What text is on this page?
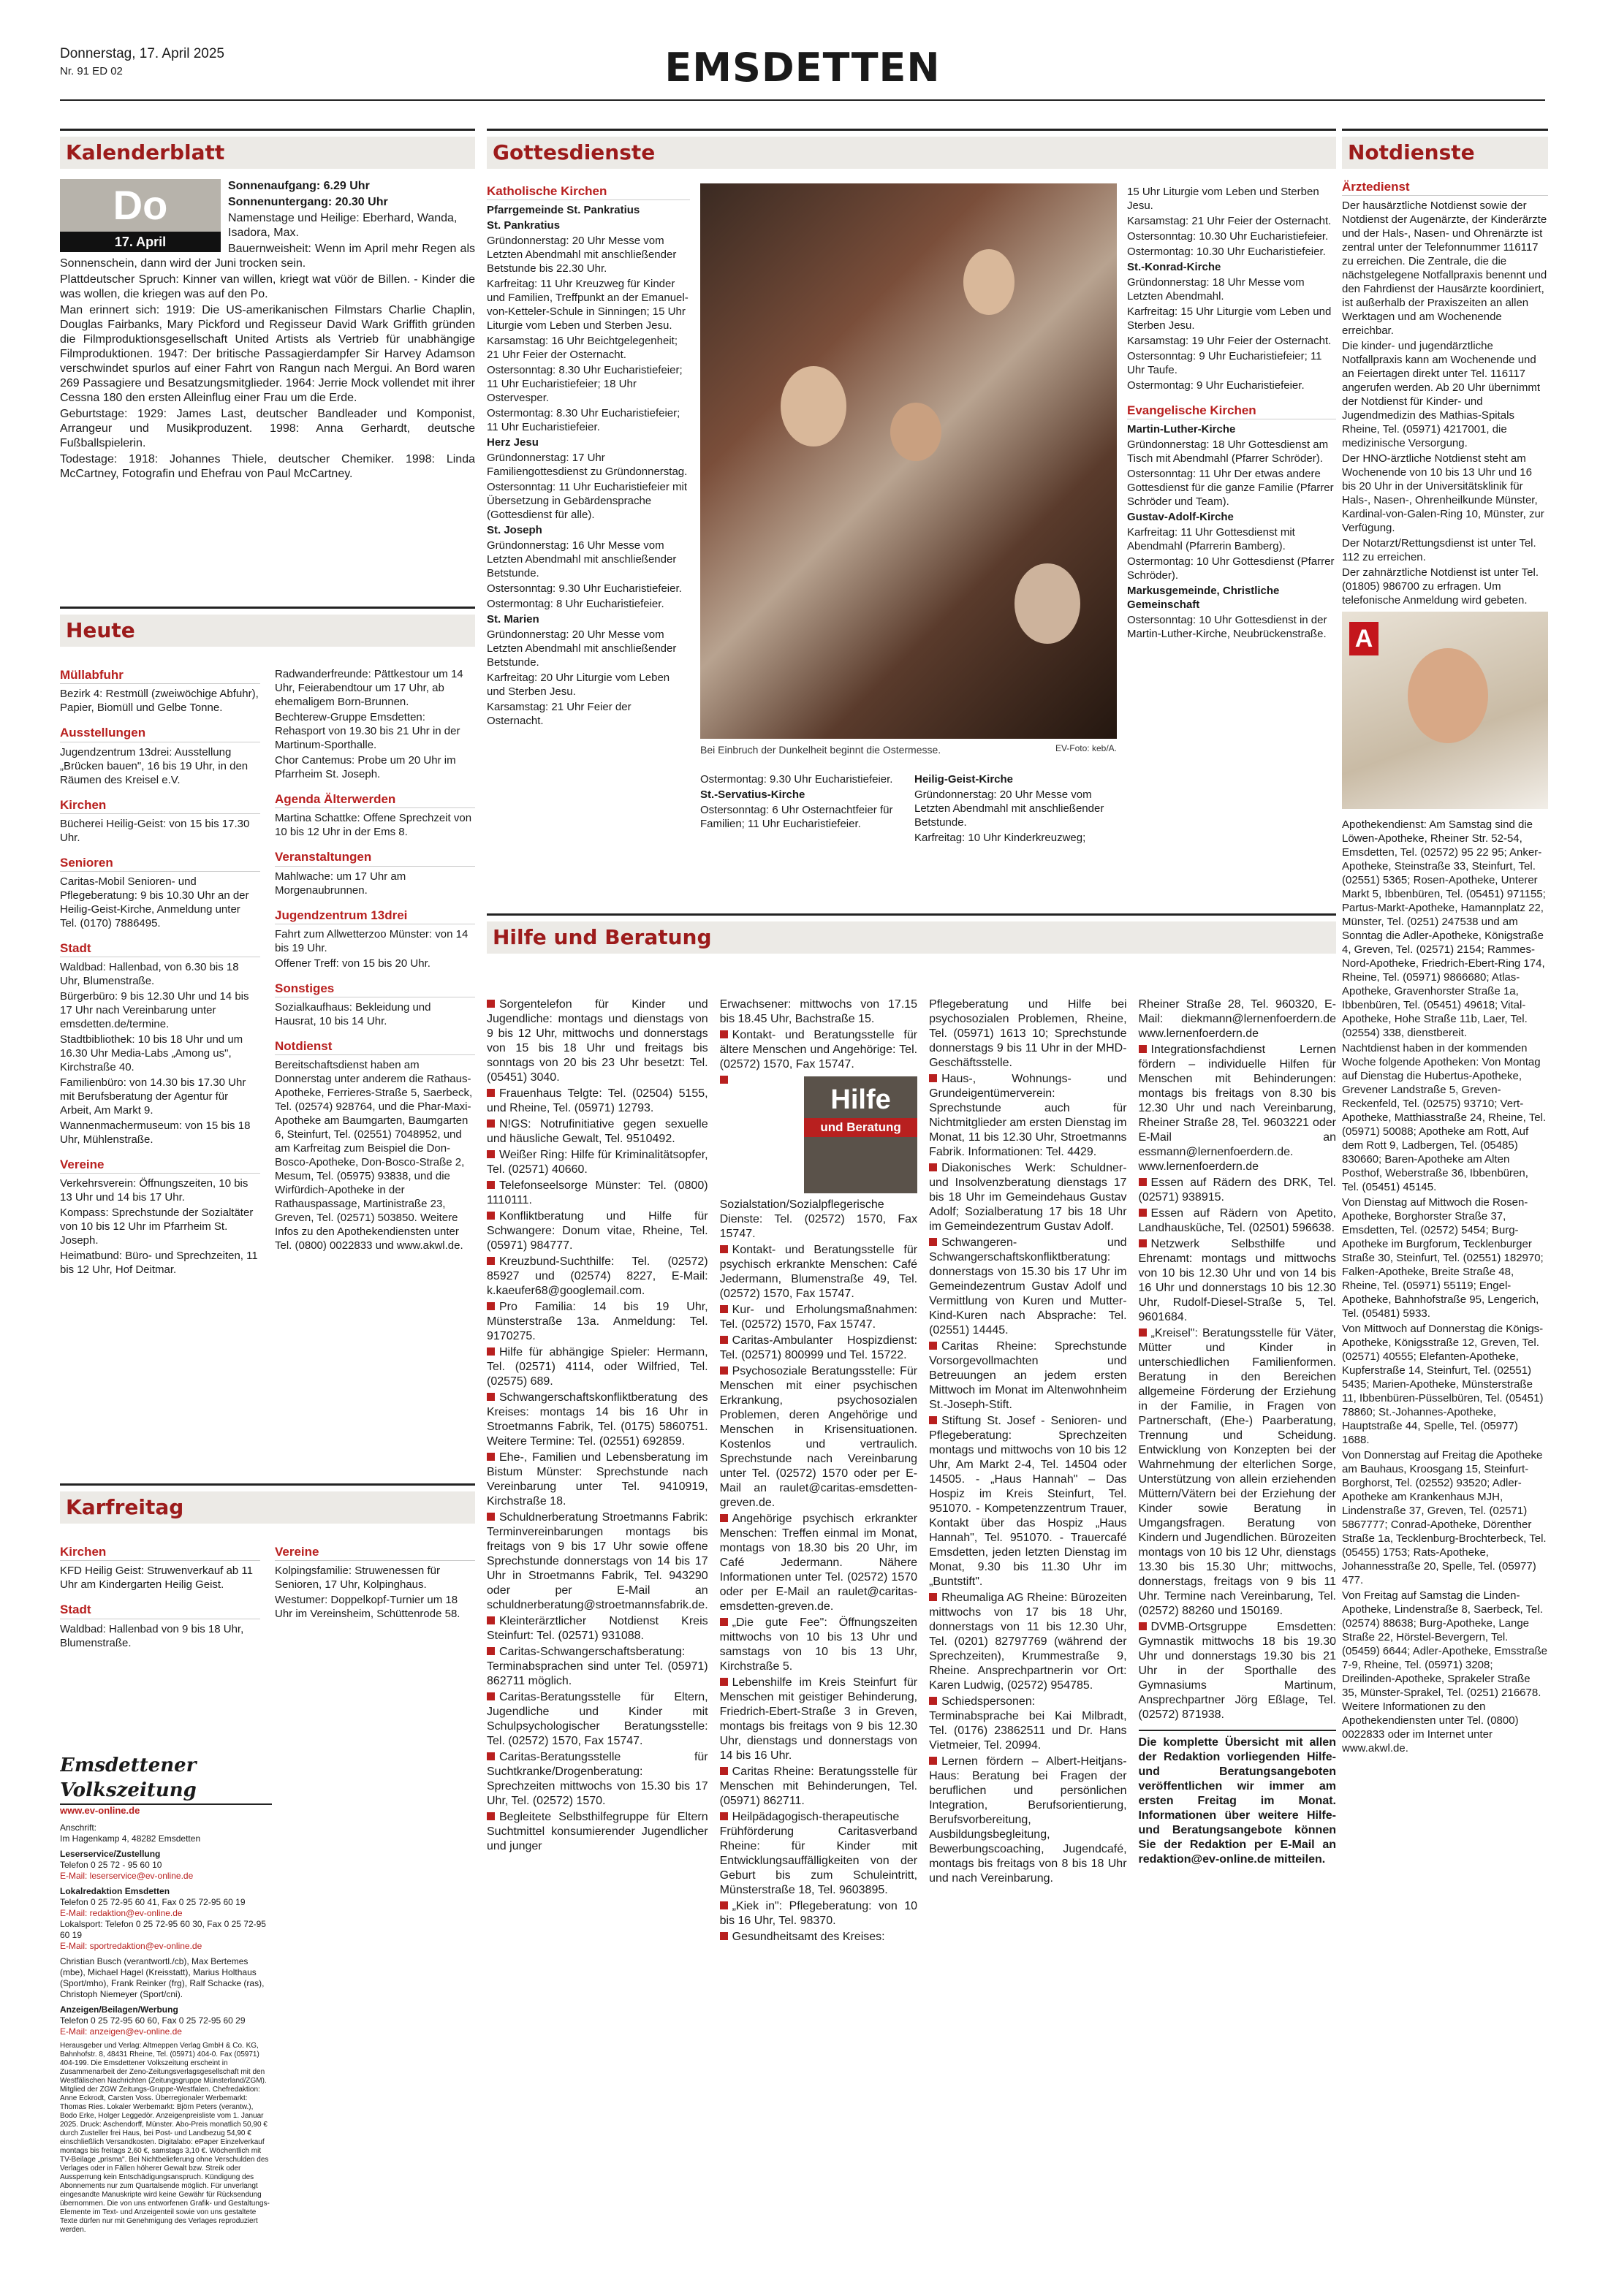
Donnerstag, 17. April 2025
Nr. 91 ED 02	EMSDETTEN
Kalenderblatt
Do
17. April

Sonnenaufgang: 6.29 Uhr

Sonnenuntergang: 20.30 Uhr

Namenstage und Heilige: Eberhard, Wanda, Isadora, Max.

Bauernweisheit: Wenn im April mehr Regen als Sonnenschein, dann wird der Juni trocken sein.

Plattdeutscher Spruch: Kinner van willen, kriegt wat vüör de Billen. - Kinder die was wollen, die kriegen was auf den Po.

Man erinnert sich: 1919: Die US-amerikanischen Filmstars Charlie Chaplin, Douglas Fairbanks, Mary Pickford und Regisseur David Wark Griffith gründen die Filmproduktionsgesellschaft United Artists als Vertrieb für unabhängige Filmproduktionen. 1947: Der britische Passagierdampfer Sir Harvey Adamson verschwindet spurlos auf einer Fahrt von Rangun nach Mergui. An Bord waren 269 Passagiere und Besatzungsmitglieder. 1964: Jerrie Mock vollendet mit ihrer Cessna 180 den ersten Alleinflug einer Frau um die Erde.

Geburtstage: 1929: James Last, deutscher Bandleader und Komponist, Arrangeur und Musikproduzent. 1998: Anna Gerhardt, deutsche Fußballspielerin.

Todestage: 1918: Johannes Thiele, deutscher Chemiker. 1998: Linda McCartney, Fotografin und Ehefrau von Paul McCartney.

Heute
Müllabfuhr

Bezirk 4: Restmüll (zweiwöchige Abfuhr), Papier, Biomüll und Gelbe Tonne.

Ausstellungen

Jugendzentrum 13drei: Ausstellung „Brücken bauen", 16 bis 19 Uhr, in den Räumen des Kreisel e.V.

Kirchen

Bücherei Heilig-Geist: von 15 bis 17.30 Uhr.

Senioren

Caritas-Mobil Senioren- und Pflegeberatung: 9 bis 10.30 Uhr an der Heilig-Geist-Kirche, Anmeldung unter Tel. (0170) 7886495.

Stadt

Waldbad: Hallenbad, von 6.30 bis 18 Uhr, Blumenstraße.

Bürgerbüro: 9 bis 12.30 Uhr und 14 bis 17 Uhr nach Vereinbarung unter emsdetten.de/termine.

Stadtbibliothek: 10 bis 18 Uhr und um 16.30 Uhr Media-Labs „Among us", Kirchstraße 40.

Familienbüro: von 14.30 bis 17.30 Uhr mit Berufsberatung der Agentur für Arbeit, Am Markt 9.

Wannenmachermuseum: von 15 bis 18 Uhr, Mühlenstraße.

Vereine

Verkehrsverein: Öffnungszeiten, 10 bis 13 Uhr und 14 bis 17 Uhr.

Kompass: Sprechstunde der Sozialtäter von 10 bis 12 Uhr im Pfarrheim St. Joseph.

Heimatbund: Büro- und Sprechzeiten, 11 bis 12 Uhr, Hof Deitmar.

Radwanderfreunde: Pättkestour um 14 Uhr, Feierabendtour um 17 Uhr, ab ehemaligem Born-Brunnen.

Bechterew-Gruppe Emsdetten: Rehasport von 19.30 bis 21 Uhr in der Martinum-Sporthalle.

Chor Cantemus: Probe um 20 Uhr im Pfarrheim St. Joseph.

Agenda Älterwerden

Martina Schattke: Offene Sprechzeit von 10 bis 12 Uhr in der Ems 8.

Veranstaltungen

Mahlwache: um 17 Uhr am Morgenaubrunnen.

Jugendzentrum 13drei

Fahrt zum Allwetterzoo Münster: von 14 bis 19 Uhr.

Offener Treff: von 15 bis 20 Uhr.

Sonstiges

Sozialkaufhaus: Bekleidung und Hausrat, 10 bis 14 Uhr.

Notdienst

Bereitschaftsdienst haben am Donnerstag unter anderem die Rathaus-Apotheke, Ferrieres-Straße 5, Saerbeck, Tel. (02574) 928764, und die Phar-Maxi-Apotheke am Baumgarten, Baumgarten 6, Steinfurt, Tel. (02551) 7048952, und am Karfreitag zum Beispiel die Don-Bosco-Apotheke, Don-Bosco-Straße 2, Mesum, Tel. (05975) 93838, und die Wirfürdich-Apotheke in der Rathauspassage, Martinistraße 23, Greven, Tel. (02571) 503850. Weitere Infos zu den Apothekendiensten unter Tel. (0800) 0022833 und www.akwl.de.

Karfreitag
Kirchen

KFD Heilig Geist: Struwenverkauf ab 11 Uhr am Kindergarten Heilig Geist.

Stadt

Waldbad: Hallenbad von 9 bis 18 Uhr, Blumenstraße.

Vereine

Kolpingsfamilie: Struwenessen für Senioren, 17 Uhr, Kolpinghaus.

Westumer: Doppelkopf-Turnier um 18 Uhr im Vereinsheim, Schüttenrode 58.

Emsdettener Volkszeitung
www.ev-online.de
Anschrift:
Im Hagenkamp 4, 48282 Emsdetten
Leserservice/Zustellung
Telefon 0 25 72 - 95 60 10
E-Mail: leserservice@ev-online.de
Lokalredaktion Emsdetten
Telefon 0 25 72-95 60 41, Fax 0 25 72-95 60 19
E-Mail: redaktion@ev-online.de
Lokalsport: Telefon 0 25 72-95 60 30, Fax 0 25 72-95 60 19
E-Mail: sportredaktion@ev-online.de
Christian Busch (verantwortl./cb), Max Bertemes (mbe), Michael Hagel (Kreisstatt), Marius Holthaus (Sport/mho), Frank Reinker (frg), Ralf Schacke (ras), Christoph Niemeyer (Sport/cni).
Anzeigen/Beilagen/Werbung
Telefon 0 25 72-95 60 60, Fax 0 25 72-95 60 29
E-Mail: anzeigen@ev-online.de
Herausgeber und Verlag: Altmeppen Verlag GmbH & Co. KG, Bahnhofstr. 8, 48431 Rheine, Tel. (05971) 404-0. Fax (05971) 404-199. Die Emsdettener Volkszeitung erscheint in Zusammenarbeit der Zeno-Zeitungsverlagsgesellschaft mit den Westfälischen Nachrichten (Zeitungsgruppe Münsterland/ZGM). Mitglied der ZGW Zeitungs-Gruppe-Westfalen. Chefredaktion: Anne Eckrodt, Carsten Voss. Überregionaler Werbemarkt: Thomas Ries. Lokaler Werbemarkt: Björn Peters (verantw.), Bodo Erke, Holger Leggedör. Anzeigenpreisliste vom 1. Januar 2025. Druck: Aschendorff, Münster. Abo-Preis monatlich 50,90 € durch Zusteller frei Haus, bei Post- und Landbezug 54,90 € einschließlich Versandkosten. Digitalabo: ePaper Einzelverkauf montags bis freitags 2,60 €, samstags 3,10 €. Wöchentlich mit TV-Beilage „prisma". Bei Nichtbelieferung ohne Verschulden des Verlages oder in Fällen höherer Gewalt bzw. Streik oder Aussperrung kein Entschädigungsanspruch. Kündigung des Abonnements nur zum Quartalsende möglich. Für unverlangt eingesandte Manuskripte wird keine Gewähr für Rücksendung übernommen. Die von uns entworfenen Grafik- und Gestaltungs-Elemente im Text- und Anzeigenteil sowie von uns gestaltete Texte dürfen nur mit Genehmigung des Verlages reproduziert werden.
Gottesdienste
Katholische Kirchen

Pfarrgemeinde St. Pankratius

St. Pankratius

Gründonnerstag: 20 Uhr Messe vom Letzten Abendmahl mit anschließender Betstunde bis 22.30 Uhr.

Karfreitag: 11 Uhr Kreuzweg für Kinder und Familien, Treffpunkt an der Emanuel-von-Ketteler-Schule in Sinningen; 15 Uhr Liturgie vom Leben und Sterben Jesu.

Karsamstag: 16 Uhr Beichtgelegenheit; 21 Uhr Feier der Osternacht.

Ostersonntag: 8.30 Uhr Eucharistiefeier; 11 Uhr Eucharistiefeier; 18 Uhr Ostervesper.

Ostermontag: 8.30 Uhr Eucharistiefeier; 11 Uhr Eucharistiefeier.

Herz Jesu

Gründonnerstag: 17 Uhr Familiengottesdienst zu Gründonnerstag.

Ostersonntag: 11 Uhr Eucharistiefeier mit Übersetzung in Gebärdensprache (Gottesdienst für alle).

St. Joseph

Gründonnerstag: 16 Uhr Messe vom Letzten Abendmahl mit anschließender Betstunde.

Ostersonntag: 9.30 Uhr Eucharistiefeier.

Ostermontag: 8 Uhr Eucharistiefeier.

St. Marien

Gründonnerstag: 20 Uhr Messe vom Letzten Abendmahl mit anschließender Betstunde.

Karfreitag: 20 Uhr Liturgie vom Leben und Sterben Jesu.

Karsamstag: 21 Uhr Feier der Osternacht.

Bei Einbruch der Dunkelheit beginnt die Ostermesse.	EV-Foto: keb/A.

Ostermontag: 9.30 Uhr Eucharistiefeier.

St.-Servatius-Kirche

Ostersonntag: 6 Uhr Osternachtfeier für Familien; 11 Uhr Eucharistiefeier.

Heilig-Geist-Kirche

Gründonnerstag: 20 Uhr Messe vom Letzten Abendmahl mit anschließender Betstunde.

Karfreitag: 10 Uhr Kinderkreuzweg;

15 Uhr Liturgie vom Leben und Sterben Jesu.

Karsamstag: 21 Uhr Feier der Osternacht.

Ostersonntag: 10.30 Uhr Eucharistiefeier.

Ostermontag: 10.30 Uhr Eucharistiefeier.

St.-Konrad-Kirche

Gründonnerstag: 18 Uhr Messe vom Letzten Abendmahl.

Karfreitag: 15 Uhr Liturgie vom Leben und Sterben Jesu.

Karsamstag: 19 Uhr Feier der Osternacht.

Ostersonntag: 9 Uhr Eucharistiefeier; 11 Uhr Taufe.

Ostermontag: 9 Uhr Eucharistiefeier.

Evangelische Kirchen

Martin-Luther-Kirche

Gründonnerstag: 18 Uhr Gottesdienst am Tisch mit Abendmahl (Pfarrer Schröder).

Ostersonntag: 11 Uhr Der etwas andere Gottesdienst für die ganze Familie (Pfarrer Schröder und Team).

Gustav-Adolf-Kirche

Karfreitag: 11 Uhr Gottesdienst mit Abendmahl (Pfarrerin Bamberg).

Ostermontag: 10 Uhr Gottesdienst (Pfarrer Schröder).

Markusgemeinde, Christliche Gemeinschaft

Ostersonntag: 10 Uhr Gottesdienst in der Martin-Luther-Kirche, Neubrückenstraße.

Hilfe und Beratung

Sorgentelefon für Kinder und Jugendliche: montags und dienstags von 9 bis 12 Uhr, mittwochs und donnerstags von 15 bis 18 Uhr und freitags bis sonntags von 20 bis 23 Uhr besetzt: Tel. (05451) 3040.

Frauenhaus Telgte: Tel. (02504) 5155, und Rheine, Tel. (05971) 12793.

N!GS: Notrufinitiative gegen sexuelle und häusliche Gewalt, Tel. 9510492.

Weißer Ring: Hilfe für Kriminalitätsopfer, Tel. (02571) 40660.

Telefonseelsorge Münster: Tel. (0800) 1110111.

Konfliktberatung und Hilfe für Schwangere: Donum vitae, Rheine, Tel. (05971) 984777.

Kreuzbund-Suchthilfe: Tel. (02572) 85927 und (02574) 8227, E-Mail: k.kaeufer68@googlemail.com.

Pro Familia: 14 bis 19 Uhr, Münsterstraße 13a. Anmeldung: Tel. 9170275.

Hilfe für abhängige Spieler: Hermann, Tel. (02571) 4114, oder Wilfried, Tel. (02575) 689.

Schwangerschaftskonfliktberatung des Kreises: montags 14 bis 16 Uhr in Stroetmanns Fabrik, Tel. (0175) 5860751. Weitere Termine: Tel. (02551) 692859.

Ehe-, Familien und Lebensberatung im Bistum Münster: Sprechstunde nach Vereinbarung unter Tel. 9410919, Kirchstraße 18.

Schuldnerberatung Stroetmanns Fabrik: Terminvereinbarungen montags bis freitags von 9 bis 17 Uhr sowie offene Sprechstunde donnerstags von 14 bis 17 Uhr in Stroetmanns Fabrik, Tel. 943290 oder per E-Mail an schuldnerberatung@stroetmannsfabrik.de.

Kleinterärztlicher Notdienst Kreis Steinfurt: Tel. (02571) 931088.

Caritas-Schwangerschaftsberatung: Terminabsprachen sind unter Tel. (05971) 862711 möglich.

Caritas-Beratungsstelle für Eltern, Jugendliche und Kinder mit Schulpsychologischer Beratungsstelle: Tel. (02572) 1570, Fax 15747.

Caritas-Beratungsstelle für Suchtkranke/Drogenberatung: Sprechzeiten mittwochs von 15.30 bis 17 Uhr, Tel. (02572) 1570.

Begleitete Selbsthilfegruppe für Eltern Suchtmittel konsumierender Jugendlicher und junger

Erwachsener: mittwochs von 17.15 bis 18.45 Uhr, Bachstraße 15.

Kontakt- und Beratungsstelle für ältere Menschen und Angehörige: Tel. (02572) 1570, Fax 15747.

Hilfe
und Beratung

Sozialstation/Sozialpflegerische Dienste: Tel. (02572) 1570, Fax 15747.

Kontakt- und Beratungsstelle für psychisch erkrankte Menschen: Café Jedermann, Blumenstraße 49, Tel. (02572) 1570, Fax 15747.

Kur- und Erholungsmaßnahmen: Tel. (02572) 1570, Fax 15747.

Caritas-Ambulanter Hospizdienst: Tel. (02571) 800999 und Tel. 15722.

Psychosoziale Beratungsstelle: Für Menschen mit einer psychischen Erkrankung, psychosozialen Problemen, deren Angehörige und Menschen in Krisensituationen. Kostenlos und vertraulich. Sprechstunde nach Vereinbarung unter Tel. (02572) 1570 oder per E-Mail an raulet@caritas-emsdetten-greven.de.

Angehörige psychisch erkrankter Menschen: Treffen einmal im Monat, montags von 18.30 bis 20 Uhr, im Café Jedermann. Nähere Informationen unter Tel. (02572) 1570 oder per E-Mail an raulet@caritas-emsdetten-greven.de.

„Die gute Fee": Öffnungszeiten mittwochs von 10 bis 13 Uhr und samstags von 10 bis 13 Uhr, Kirchstraße 5.

Lebenshilfe im Kreis Steinfurt für Menschen mit geistiger Behinderung, Friedrich-Ebert-Straße 3 in Greven, montags bis freitags von 9 bis 12.30 Uhr, dienstags und donnerstags von 14 bis 16 Uhr.

Caritas Rheine: Beratungsstelle für Menschen mit Behinderungen, Tel. (05971) 862711.

Heilpädagogisch-therapeutische Frühförderung Caritasverband Rheine: für Kinder mit Entwicklungsauffälligkeiten von der Geburt bis zum Schuleintritt, Münsterstraße 18, Tel. 9603895.

„Kiek in": Pflegeberatung: von 10 bis 16 Uhr, Tel. 98370.

Gesundheitsamt des Kreises:

Pflegeberatung und Hilfe bei psychosozialen Problemen, Rheine, Tel. (05971) 1613 10; Sprechstunde donnerstags 9 bis 11 Uhr in der MHD-Geschäftsstelle.

Haus-, Wohnungs- und Grundeigentümerverein: Sprechstunde auch für Nichtmitglieder am ersten Dienstag im Monat, 11 bis 12.30 Uhr, Stroetmanns Fabrik. Informationen: Tel. 4429.

Diakonisches Werk: Schuldner- und Insolvenzberatung dienstags 17 bis 18 Uhr im Gemeindehaus Gustav Adolf; Sozialberatung 17 bis 18 Uhr im Gemeindezentrum Gustav Adolf.

Schwangeren- und Schwangerschaftskonfliktberatung: donnerstags von 15.30 bis 17 Uhr im Gemeindezentrum Gustav Adolf und Vermittlung von Kuren und Mutter-Kind-Kuren nach Absprache: Tel. (02551) 14445.

Caritas Rheine: Sprechstunde Vorsorgevollmachten und Betreuungen an jedem ersten Mittwoch im Monat im Altenwohnheim St.-Joseph-Stift.

Stiftung St. Josef - Senioren- und Pflegeberatung: Sprechzeiten montags und mittwochs von 10 bis 12 Uhr, Am Markt 2-4, Tel. 14504 oder 14505. - „Haus Hannah" – Das Hospiz im Kreis Steinfurt, Tel. 951070. - Kompetenzzentrum Trauer, Kontakt über das Hospiz „Haus Hannah", Tel. 951070. - Trauercafé Emsdetten, jeden letzten Dienstag im Monat, 9.30 bis 11.30 Uhr im „Buntstift".

Rheumaliga AG Rheine: Bürozeiten mittwochs von 17 bis 18 Uhr, donnerstags von 11 bis 12.30 Uhr, Tel. (0201) 82797769 (während der Sprechzeiten), Krummestraße 9, Rheine. Ansprechpartnerin vor Ort: Karen Ludwig, (02572) 954785.

Schiedspersonen: Terminabsprache bei Kai Milbradt, Tel. (0176) 23862511 und Dr. Hans Vietmeier, Tel. 20994.

Lernen fördern – Albert-Heitjans-Haus: Beratung bei Fragen der beruflichen und persönlichen Integration, Berufsorientierung, Berufsvorbereitung, Ausbildungsbegleitung, Bewerbungscoaching, Jugendcafé, montags bis freitags von 8 bis 18 Uhr und nach Vereinbarung.

Rheiner Straße 28, Tel. 960320, E-Mail: diekmann@lernenfoerdern.de www.lernenfoerdern.de

Integrationsfachdienst Lernen fördern – individuelle Hilfen für Menschen mit Behinderungen: montags bis freitags von 8.30 bis 12.30 Uhr und nach Vereinbarung, Rheiner Straße 28, Tel. 9603221 oder E-Mail an essmann@lernenfoerdern.de. www.lernenfoerdern.de

Essen auf Rädern des DRK, Tel. (02571) 938915.

Essen auf Rädern von Apetito, Landhausküche, Tel. (02501) 596638.

Netzwerk Selbsthilfe und Ehrenamt: montags und mittwochs von 10 bis 12.30 Uhr und von 14 bis 16 Uhr und donnerstags 10 bis 12.30 Uhr, Rudolf-Diesel-Straße 5, Tel. 9601684.

„Kreisel": Beratungsstelle für Väter, Mütter und Kinder in unterschiedlichen Familienformen. Beratung in den Bereichen allgemeine Förderung der Erziehung in der Familie, in Fragen von Partnerschaft, (Ehe-) Paarberatung, Trennung und Scheidung. Entwicklung von Konzepten bei der Wahrnehmung der elterlichen Sorge, Unterstützung von allein erziehenden Müttern/Vätern bei der Erziehung der Kinder sowie Beratung in Umgangsfragen. Beratung von Kindern und Jugendlichen. Bürozeiten montags von 10 bis 12 Uhr, dienstags 13.30 bis 15.30 Uhr; mittwochs, donnerstags, freitags von 9 bis 11 Uhr. Termine nach Vereinbarung, Tel. (02572) 88260 und 150169.

DVMB-Ortsgruppe Emsdetten: Gymnastik mittwochs 18 bis 19.30 Uhr und donnerstags 19.30 bis 21 Uhr in der Sporthalle des Gymnasiums Martinum, Ansprechpartner Jörg Eßlage, Tel. (02572) 871938.

Die komplette Übersicht mit allen der Redaktion vorliegenden Hilfe- und Beratungsangeboten veröffentlichen wir immer am ersten Freitag im Monat. Informationen über weitere Hilfe- und Beratungsangebote können Sie der Redaktion per E-Mail an redaktion@ev-online.de mitteilen.

Notdienste
Ärztedienst

Der hausärztliche Notdienst sowie der Notdienst der Augenärzte, der Kinderärzte und der Hals-, Nasen- und Ohrenärzte ist zentral unter der Telefonnummer 116117 zu erreichen. Die Zentrale, die die nächstgelegene Notfallpraxis benennt und den Fahrdienst der Hausärzte koordiniert, ist außerhalb der Praxiszeiten an allen Werktagen und am Wochenende erreichbar.

Die kinder- und jugendärztliche Notfallpraxis kann am Wochenende und an Feiertagen direkt unter Tel. 116117 angerufen werden. Ab 20 Uhr übernimmt der Notdienst für Kinder- und Jugendmedizin des Mathias-Spitals Rheine, Tel. (05971) 4217001, die medizinische Versorgung.

Der HNO-ärztliche Notdienst steht am Wochenende von 10 bis 13 Uhr und 16 bis 20 Uhr in der Universitätsklinik für Hals-, Nasen-, Ohrenheilkunde Münster, Kardinal-von-Galen-Ring 10, Münster, zur Verfügung.

Der Notarzt/Rettungsdienst ist unter Tel. 112 zu erreichen.

Der zahnärztliche Notdienst ist unter Tel. (01805) 986700 zu erfragen. Um telefonische Anmeldung wird gebeten.

A

Apothekendienst: Am Samstag sind die Löwen-Apotheke, Rheiner Str. 52-54, Emsdetten, Tel. (02572) 95 22 95; Anker-Apotheke, Steinstraße 33, Steinfurt, Tel. (02551) 5365; Rosen-Apotheke, Unterer Markt 5, Ibbenbüren, Tel. (05451) 971155; Partus-Markt-Apotheke, Hamannplatz 22, Münster, Tel. (0251) 247538 und am Sonntag die Adler-Apotheke, Königstraße 4, Greven, Tel. (02571) 2154; Rammes-Nord-Apotheke, Friedrich-Ebert-Ring 174, Rheine, Tel. (05971) 9866680; Atlas-Apotheke, Gravenhorster Straße 1a, Ibbenbüren, Tel. (05451) 49618; Vital-Apotheke, Hohe Straße 11b, Laer, Tel. (02554) 338, dienstbereit.

Nachtdienst haben in der kommenden Woche folgende Apotheken: Von Montag auf Dienstag die Hubertus-Apotheke, Grevener Landstraße 5, Greven-Reckenfeld, Tel. (02575) 93710; Vert-Apotheke, Matthiasstraße 24, Rheine, Tel. (05971) 50088; Apotheke am Rott, Auf dem Rott 9, Ladbergen, Tel. (05485) 830660; Baren-Apotheke am Alten Posthof, Weberstraße 36, Ibbenbüren, Tel. (05451) 45145.

Von Dienstag auf Mittwoch die Rosen-Apotheke, Borghorster Straße 37, Emsdetten, Tel. (02572) 5454; Burg-Apotheke im Burgforum, Tecklenburger Straße 30, Steinfurt, Tel. (02551) 182970; Falken-Apotheke, Breite Straße 48, Rheine, Tel. (05971) 55119; Engel-Apotheke, Bahnhofstraße 95, Lengerich, Tel. (05481) 5933.

Von Mittwoch auf Donnerstag die Königs-Apotheke, Königsstraße 12, Greven, Tel. (02571) 40555; Elefanten-Apotheke, Kupferstraße 14, Steinfurt, Tel. (02551) 5435; Marien-Apotheke, Münsterstraße 11, Ibbenbüren-Püsselbüren, Tel. (05451) 78860; St.-Johannes-Apotheke, Hauptstraße 44, Spelle, Tel. (05977) 1688.

Von Donnerstag auf Freitag die Apotheke am Bauhaus, Kroosgang 15, Steinfurt-Borghorst, Tel. (02552) 93520; Adler-Apotheke am Krankenhaus MJH, Lindenstraße 37, Greven, Tel. (02571) 5867777; Conrad-Apotheke, Dörenther Straße 1a, Tecklenburg-Brochterbeck, Tel. (05455) 1753; Rats-Apotheke, Johannesstraße 20, Spelle, Tel. (05977) 477.

Von Freitag auf Samstag die Linden-Apotheke, Lindenstraße 8, Saerbeck, Tel. (02574) 88638; Burg-Apotheke, Lange Straße 22, Hörstel-Bevergern, Tel. (05459) 6644; Adler-Apotheke, Emsstraße 7-9, Rheine, Tel. (05971) 3208; Dreilinden-Apotheke, Sprakeler Straße 35, Münster-Sprakel, Tel. (0251) 216678. Weitere Informationen zu den Apothekendiensten unter Tel. (0800) 0022833 oder im Internet unter www.akwl.de.
